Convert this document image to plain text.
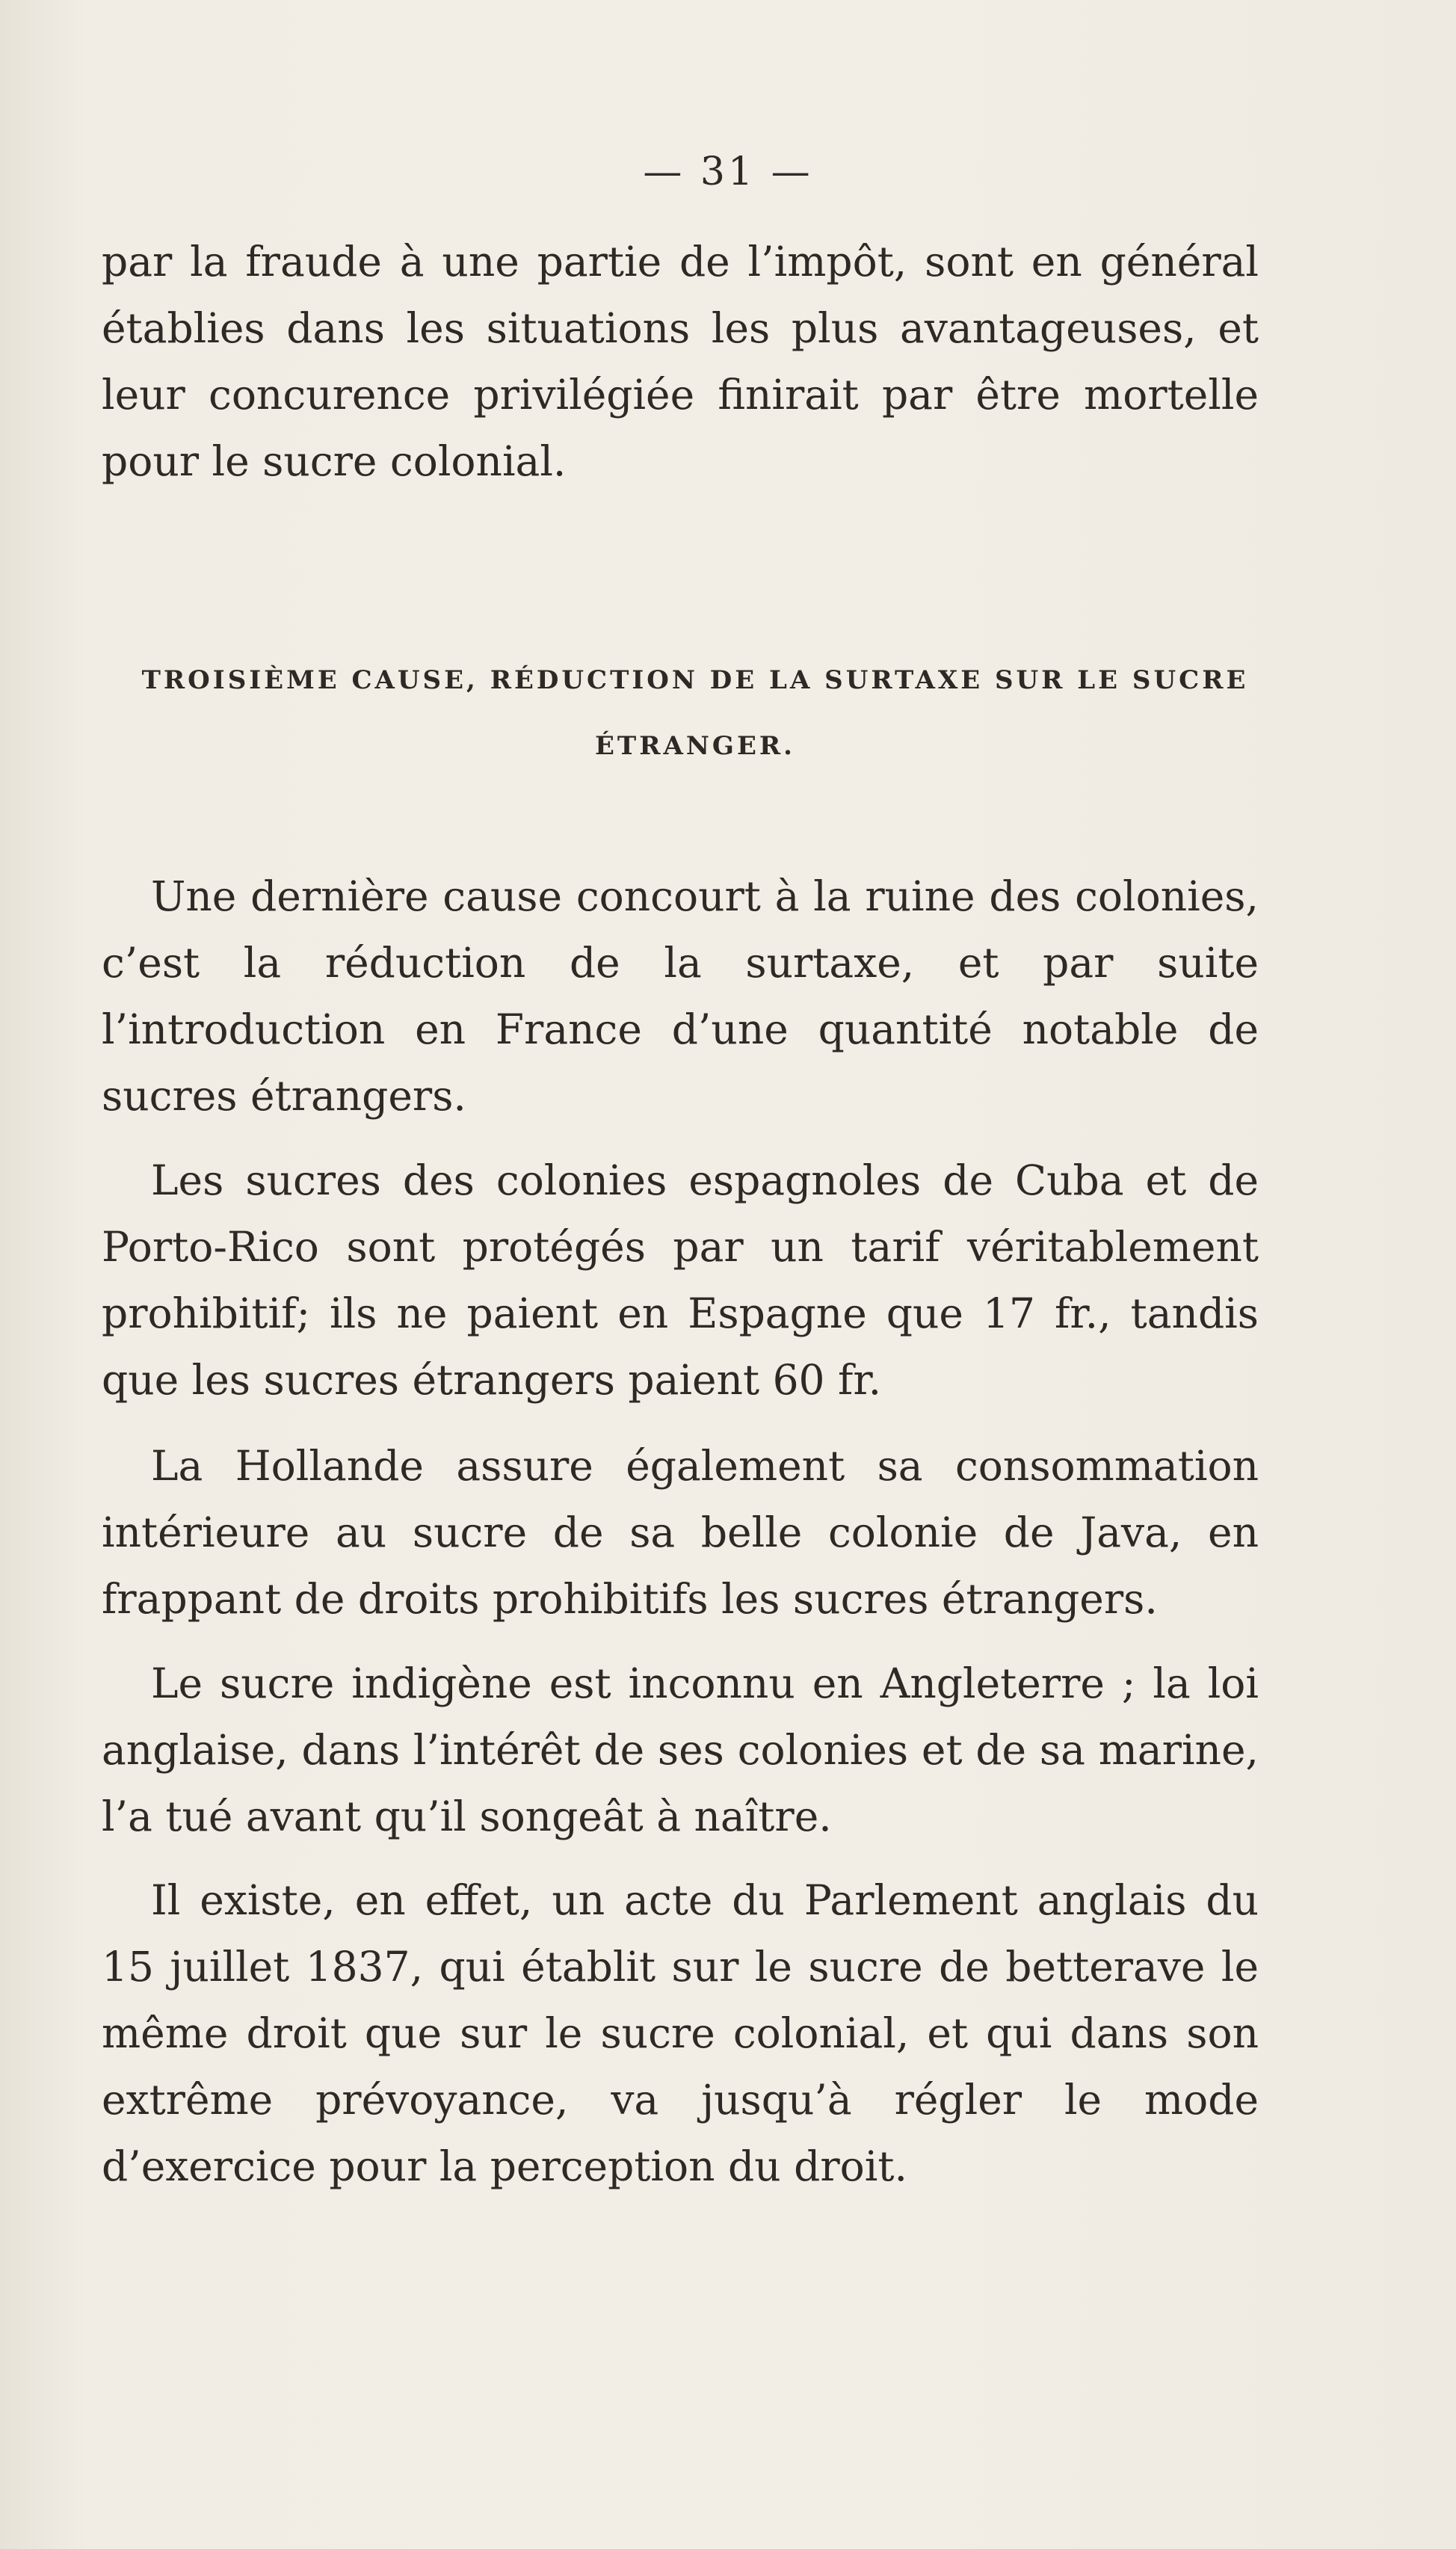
— 31 —

par la fraude à une partie de l’impôt, sont en général établies dans les situations les plus avantageuses, et leur concurence privilégiée finirait par être mortelle pour le sucre colonial.

TROISIÈME CAUSE, RÉDUCTION DE LA SURTAXE SUR LE SUCRE
ÉTRANGER.

Une dernière cause concourt à la ruine des colonies, c’est la réduction de la surtaxe, et par suite l’introduction en France d’une quantité notable de sucres étrangers.

Les sucres des colonies espagnoles de Cuba et de Porto-Rico sont protégés par un tarif véritablement prohibitif; ils ne paient en Espagne que 17 fr., tandis que les sucres étrangers paient 60 fr.

La Hollande assure également sa consommation intérieure au sucre de sa belle colonie de Java, en frappant de droits prohibitifs les sucres étrangers.

Le sucre indigène est inconnu en Angleterre ; la loi anglaise, dans l’intérêt de ses colonies et de sa marine, l’a tué avant qu’il songeât à naître.

Il existe, en effet, un acte du Parlement anglais du 15 juillet 1837, qui établit sur le sucre de betterave le même droit que sur le sucre colonial, et qui dans son extrême prévoyance, va jusqu’à régler le mode d’exercice pour la perception du droit.
